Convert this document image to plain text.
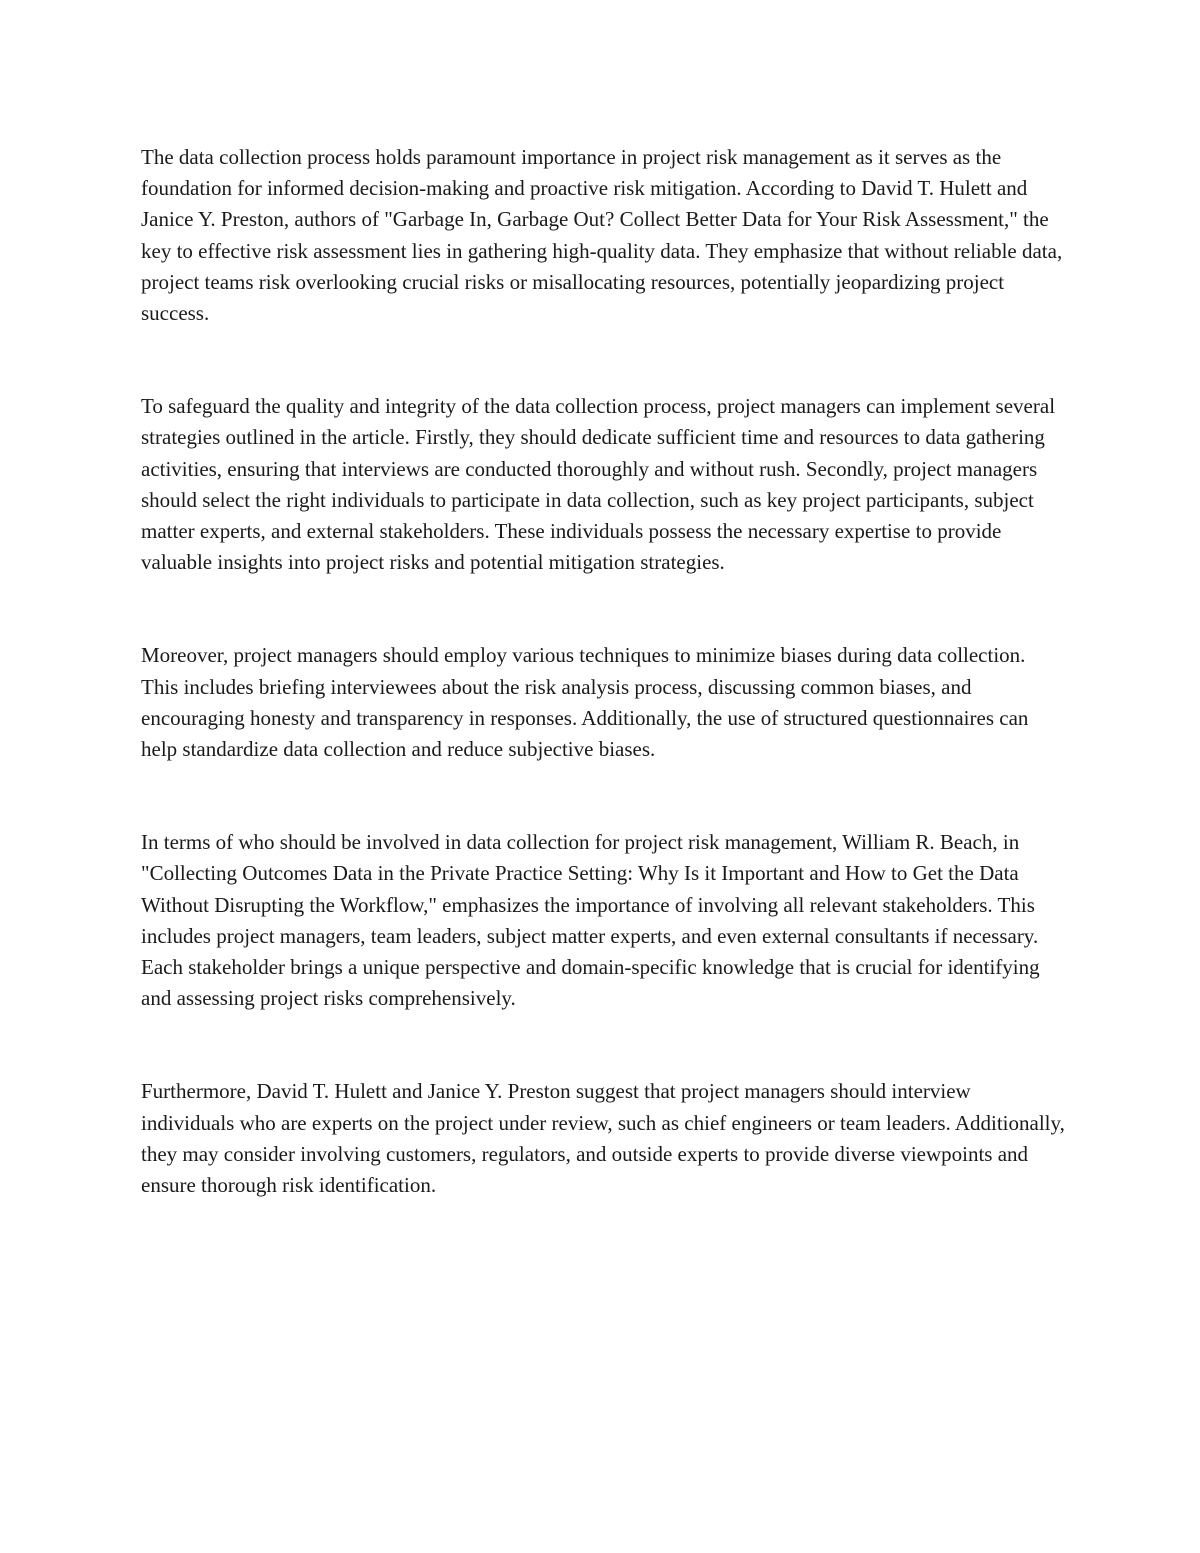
The data collection process holds paramount importance in project risk management as it serves as the foundation for informed decision-making and proactive risk mitigation. According to David T. Hulett and Janice Y. Preston, authors of "Garbage In, Garbage Out? Collect Better Data for Your Risk Assessment," the key to effective risk assessment lies in gathering high-quality data. They emphasize that without reliable data, project teams risk overlooking crucial risks or misallocating resources, potentially jeopardizing project success.

To safeguard the quality and integrity of the data collection process, project managers can implement several strategies outlined in the article. Firstly, they should dedicate sufficient time and resources to data gathering activities, ensuring that interviews are conducted thoroughly and without rush. Secondly, project managers should select the right individuals to participate in data collection, such as key project participants, subject matter experts, and external stakeholders. These individuals possess the necessary expertise to provide valuable insights into project risks and potential mitigation strategies.

Moreover, project managers should employ various techniques to minimize biases during data collection. This includes briefing interviewees about the risk analysis process, discussing common biases, and encouraging honesty and transparency in responses. Additionally, the use of structured questionnaires can help standardize data collection and reduce subjective biases.

In terms of who should be involved in data collection for project risk management, William R. Beach, in "Collecting Outcomes Data in the Private Practice Setting: Why Is it Important and How to Get the Data Without Disrupting the Workflow," emphasizes the importance of involving all relevant stakeholders. This includes project managers, team leaders, subject matter experts, and even external consultants if necessary. Each stakeholder brings a unique perspective and domain-specific knowledge that is crucial for identifying and assessing project risks comprehensively.

Furthermore, David T. Hulett and Janice Y. Preston suggest that project managers should interview individuals who are experts on the project under review, such as chief engineers or team leaders. Additionally, they may consider involving customers, regulators, and outside experts to provide diverse viewpoints and ensure thorough risk identification.
